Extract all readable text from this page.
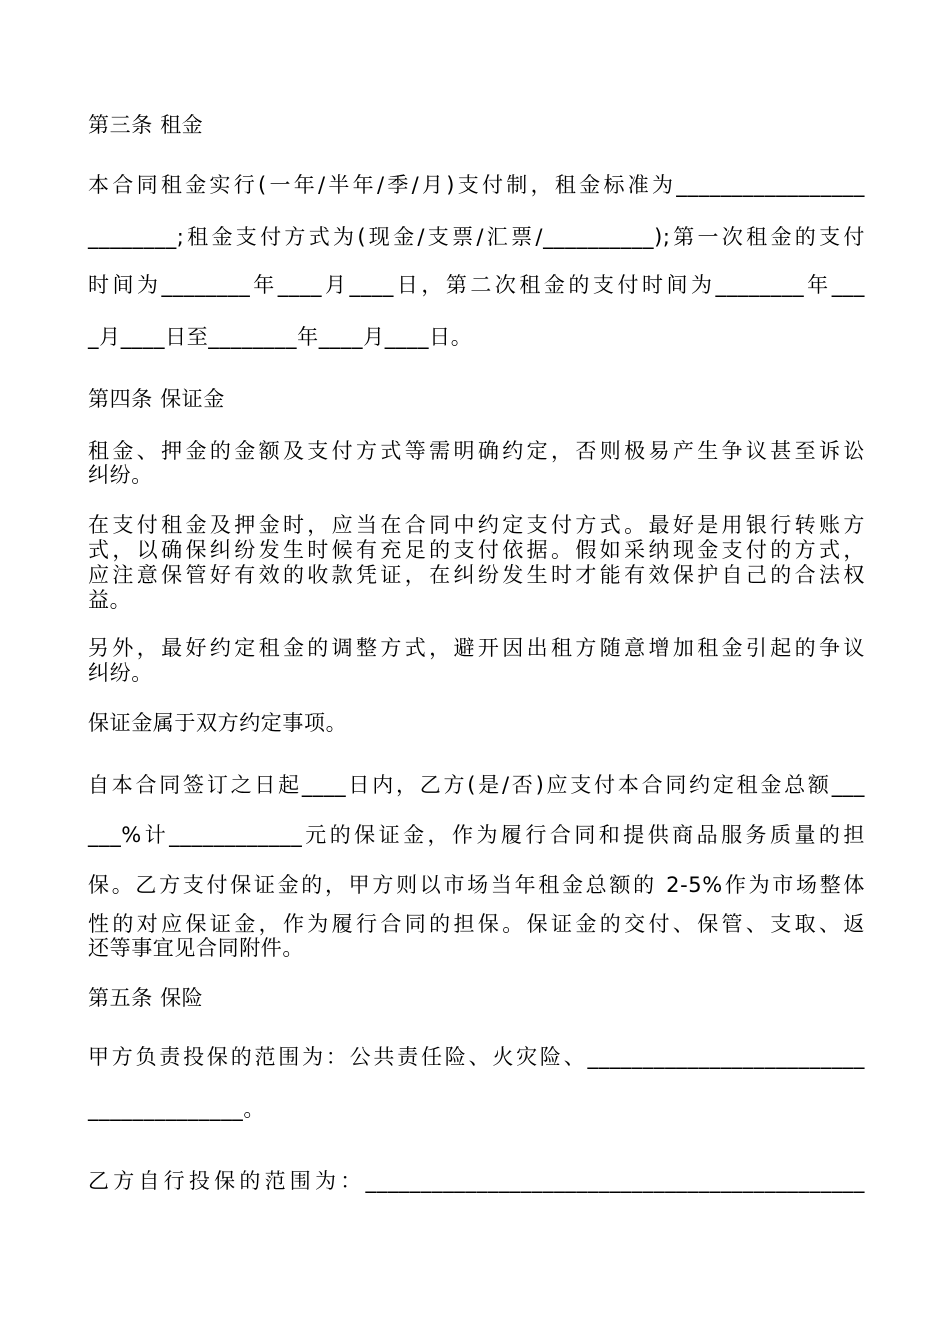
第三条 租金

本合同租金实行(一年/半年/季/月)支付制，租金标准为_________________

________;租金支付方式为(现金/支票/汇票/__________);第一次租金的支付

时间为________年____月____日，第二次租金的支付时间为________年___

_月____日至________年____月____日。

第四条 保证金

租金、押金的金额及支付方式等需明确约定，否则极易产生争议甚至诉讼

纠纷。

在支付租金及押金时，应当在合同中约定支付方式。最好是用银行转账方

式，以确保纠纷发生时候有充足的支付依据。假如采纳现金支付的方式，

应注意保管好有效的收款凭证，在纠纷发生时才能有效保护自己的合法权

益。

另外，最好约定租金的调整方式，避开因出租方随意增加租金引起的争议

纠纷。

保证金属于双方约定事项。

自本合同签订之日起____日内，乙方(是/否)应支付本合同约定租金总额___

___%计____________元的保证金，作为履行合同和提供商品服务质量的担

保。乙方支付保证金的，甲方则以市场当年租金总额的 2-5%作为市场整体

性的对应保证金，作为履行合同的担保。保证金的交付、保管、支取、返

还等事宜见合同附件。

第五条 保险

甲方负责投保的范围为：公共责任险、火灾险、_________________________

______________。

乙方自行投保的范围为：_____________________________________________
